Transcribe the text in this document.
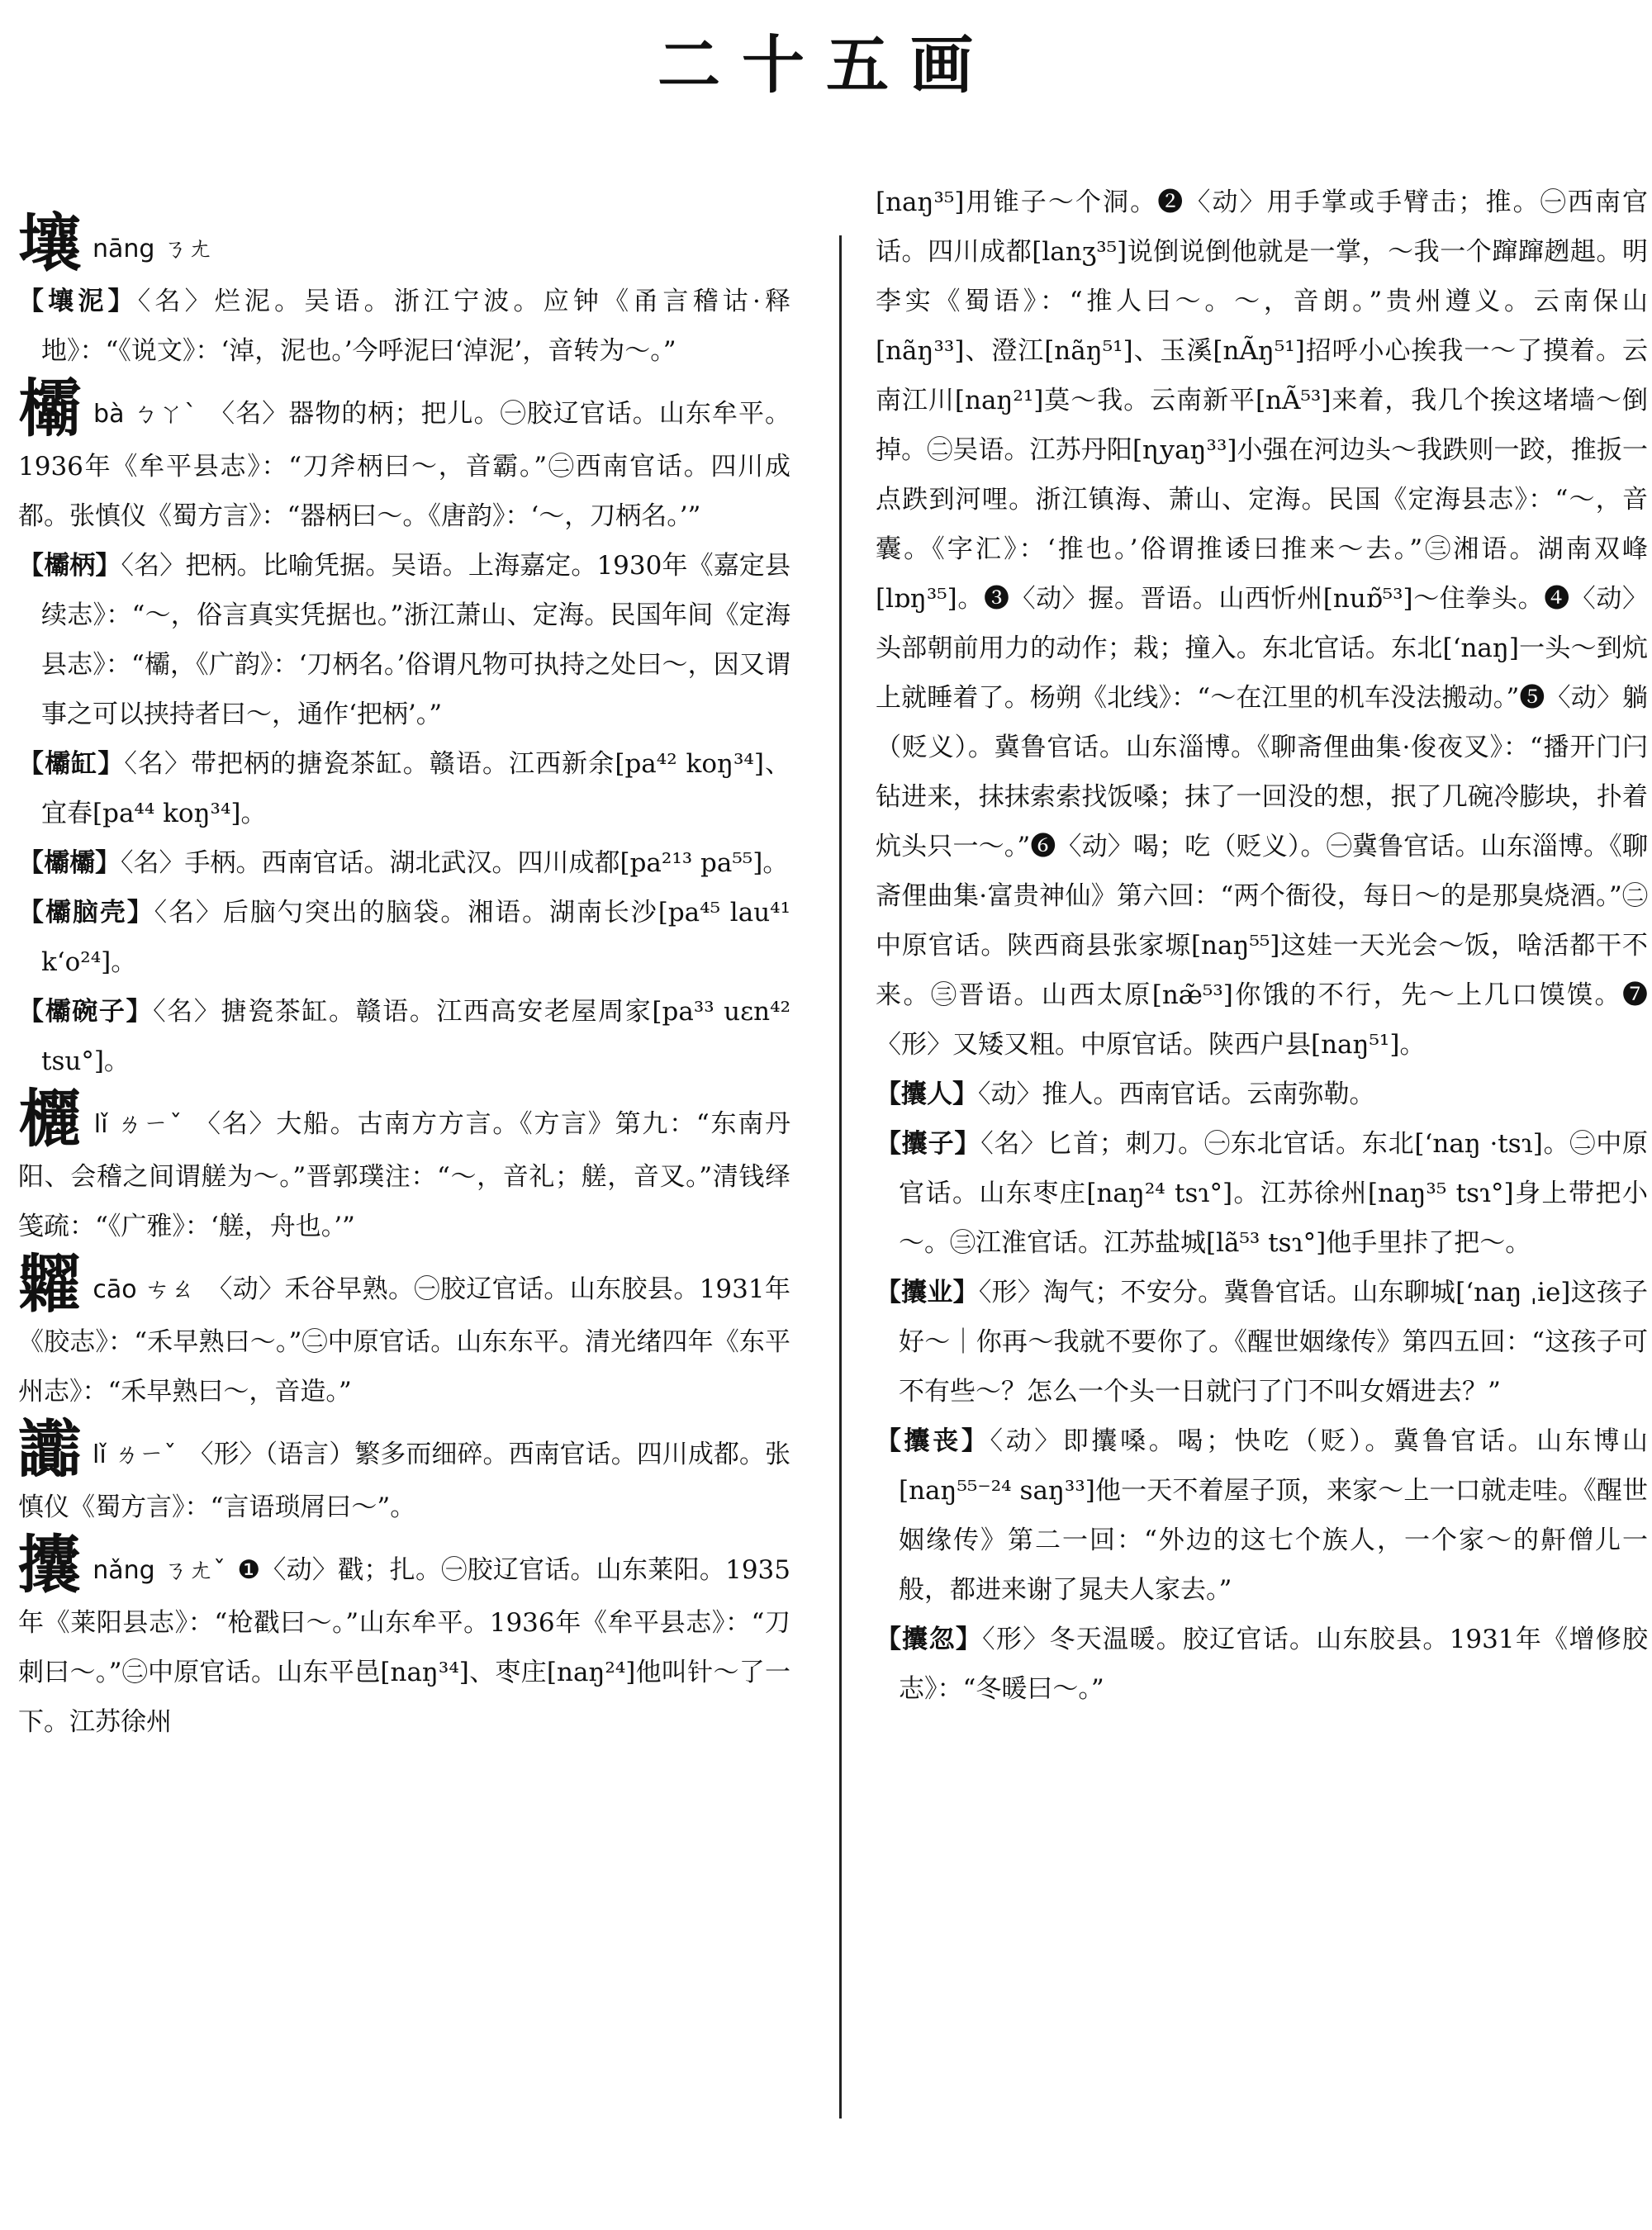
二十五画

壤nāng ㄋㄤ

【壤泥】〈名〉烂泥。吴语。浙江宁波。应钟《甬言稽诂·释地》：“《说文》：‘淖，泥也。’今呼泥曰‘淖泥’，音转为～。”

欛bà ㄅㄚˋ 〈名〉器物的柄；把儿。㊀胶辽官话。山东牟平。1936年《牟平县志》：“刀斧柄曰～，音霸。”㊁西南官话。四川成都。张慎仪《蜀方言》：“器柄曰～。《唐韵》：‘～，刀柄名。’”

【欛柄】〈名〉把柄。比喻凭据。吴语。上海嘉定。1930年《嘉定县续志》：“～，俗言真实凭据也。”浙江萧山、定海。民国年间《定海县志》：“欛，《广韵》：‘刀柄名。’俗谓凡物可执持之处曰～，因又谓事之可以挟持者曰～，通作‘把柄’。”

【欛缸】〈名〉带把柄的搪瓷茶缸。赣语。江西新余[pa⁴² koŋ³⁴]、宜春[pa⁴⁴ koŋ³⁴]。

【欛欛】〈名〉手柄。西南官话。湖北武汉。四川成都[pa²¹³ pa⁵⁵]。

【欛脑壳】〈名〉后脑勺突出的脑袋。湘语。湖南长沙[pa⁴⁵ lau⁴¹ kʻo²⁴]。

【欛碗子】〈名〉搪瓷茶缸。赣语。江西高安老屋周家[pa³³ uɛn⁴² tsu°]。

欐lǐ ㄌㄧˇ 〈名〉大船。古南方方言。《方言》第九：“东南丹阳、会稽之间谓艖为～。”晋郭璞注：“～，音礼；艖，音叉。”清钱绎笺疏：“《广雅》：‘艖，舟也。’”

糶cāo ㄘㄠ 〈动〉禾谷早熟。㊀胶辽官话。山东胶县。1931年《胶志》：“禾早熟曰～。”㊁中原官话。山东东平。清光绪四年《东平州志》：“禾早熟曰～，音造。”

讟lǐ ㄌㄧˇ 〈形〉（语言）繁多而细碎。西南官话。四川成都。张慎仪《蜀方言》：“言语琐屑曰～”。

攮nǎng ㄋㄤˇ ❶〈动〉戳；扎。㊀胶辽官话。山东莱阳。1935年《莱阳县志》：“枪戳曰～。”山东牟平。1936年《牟平县志》：“刀刺曰～。”㊁中原官话。山东平邑[naŋ³⁴]、枣庄[naŋ²⁴]他叫针～了一下。江苏徐州

[naŋ³⁵]用锥子～个洞。❷〈动〉用手掌或手臂击；推。㊀西南官话。四川成都[lanʒ³⁵]说倒说倒他就是一掌，～我一个蹿蹿趔趄。明李实《蜀语》：“推人曰～。～，音朗。”贵州遵义。云南保山[nãŋ³³]、澄江[nãŋ⁵¹]、玉溪[nÃŋ⁵¹]招呼小心挨我一～了摸着。云南江川[naŋ²¹]莫～我。云南新平[nÃ⁵³]来着，我几个挨这堵墙～倒掉。㊁吴语。江苏丹阳[ɳyaŋ³³]小强在河边头～我跌则一跤，推扳一点跌到河哩。浙江镇海、萧山、定海。民国《定海县志》：“～，音囊。《字汇》：‘推也。’俗谓推诿曰推来～去。”㊂湘语。湖南双峰[lɒŋ³⁵]。❸〈动〉握。晋语。山西忻州[nuɒ̃⁵³]～住拳头。❹〈动〉头部朝前用力的动作；栽；撞入。东北官话。东北[ʻnaŋ]一头～到炕上就睡着了。杨朔《北线》：“～在江里的机车没法搬动。”❺〈动〉躺（贬义）。冀鲁官话。山东淄博。《聊斋俚曲集·俊夜叉》：“播开门闩钻进来，抹抹索索找饭嗓；抹了一回没的想，抿了几碗冷膨块，扑着炕头只一～。”❻〈动〉喝；吃（贬义）。㊀冀鲁官话。山东淄博。《聊斋俚曲集·富贵神仙》第六回：“两个衙役，每日～的是那臭烧酒。”㊁中原官话。陕西商县张家塬[naŋ⁵⁵]这娃一天光会～饭，啥活都干不来。㊂晋语。山西太原[næ̃⁵³]你饿的不行，先～上几口馍馍。❼〈形〉又矮又粗。中原官话。陕西户县[naŋ⁵¹]。

【攮人】〈动〉推人。西南官话。云南弥勒。

【攮子】〈名〉匕首；刺刀。㊀东北官话。东北[ʻnaŋ ·tsɿ]。㊁中原官话。山东枣庄[naŋ²⁴ tsɿ°]。江苏徐州[naŋ³⁵ tsɿ°]身上带把小～。㊂江淮官话。江苏盐城[lã⁵³ tsɿ°]他手里拤了把～。

【攮业】〈形〉淘气；不安分。冀鲁官话。山东聊城[ʻnaŋ ˌie]这孩子好～｜你再～我就不要你了。《醒世姻缘传》第四五回：“这孩子可不有些～？怎么一个头一日就闩了门不叫女婿进去？”

【攮丧】〈动〉即攮嗓。喝；快吃（贬）。冀鲁官话。山东博山[naŋ⁵⁵⁻²⁴ saŋ³³]他一天不着屋子顶，来家～上一口就走哇。《醒世姻缘传》第二一回：“外边的这七个族人，一个家～的鼾僧儿一般，都进来谢了晁夫人家去。”

【攮忽】〈形〉冬天温暖。胶辽官话。山东胶县。1931年《增修胶志》：“冬暖曰～。”
